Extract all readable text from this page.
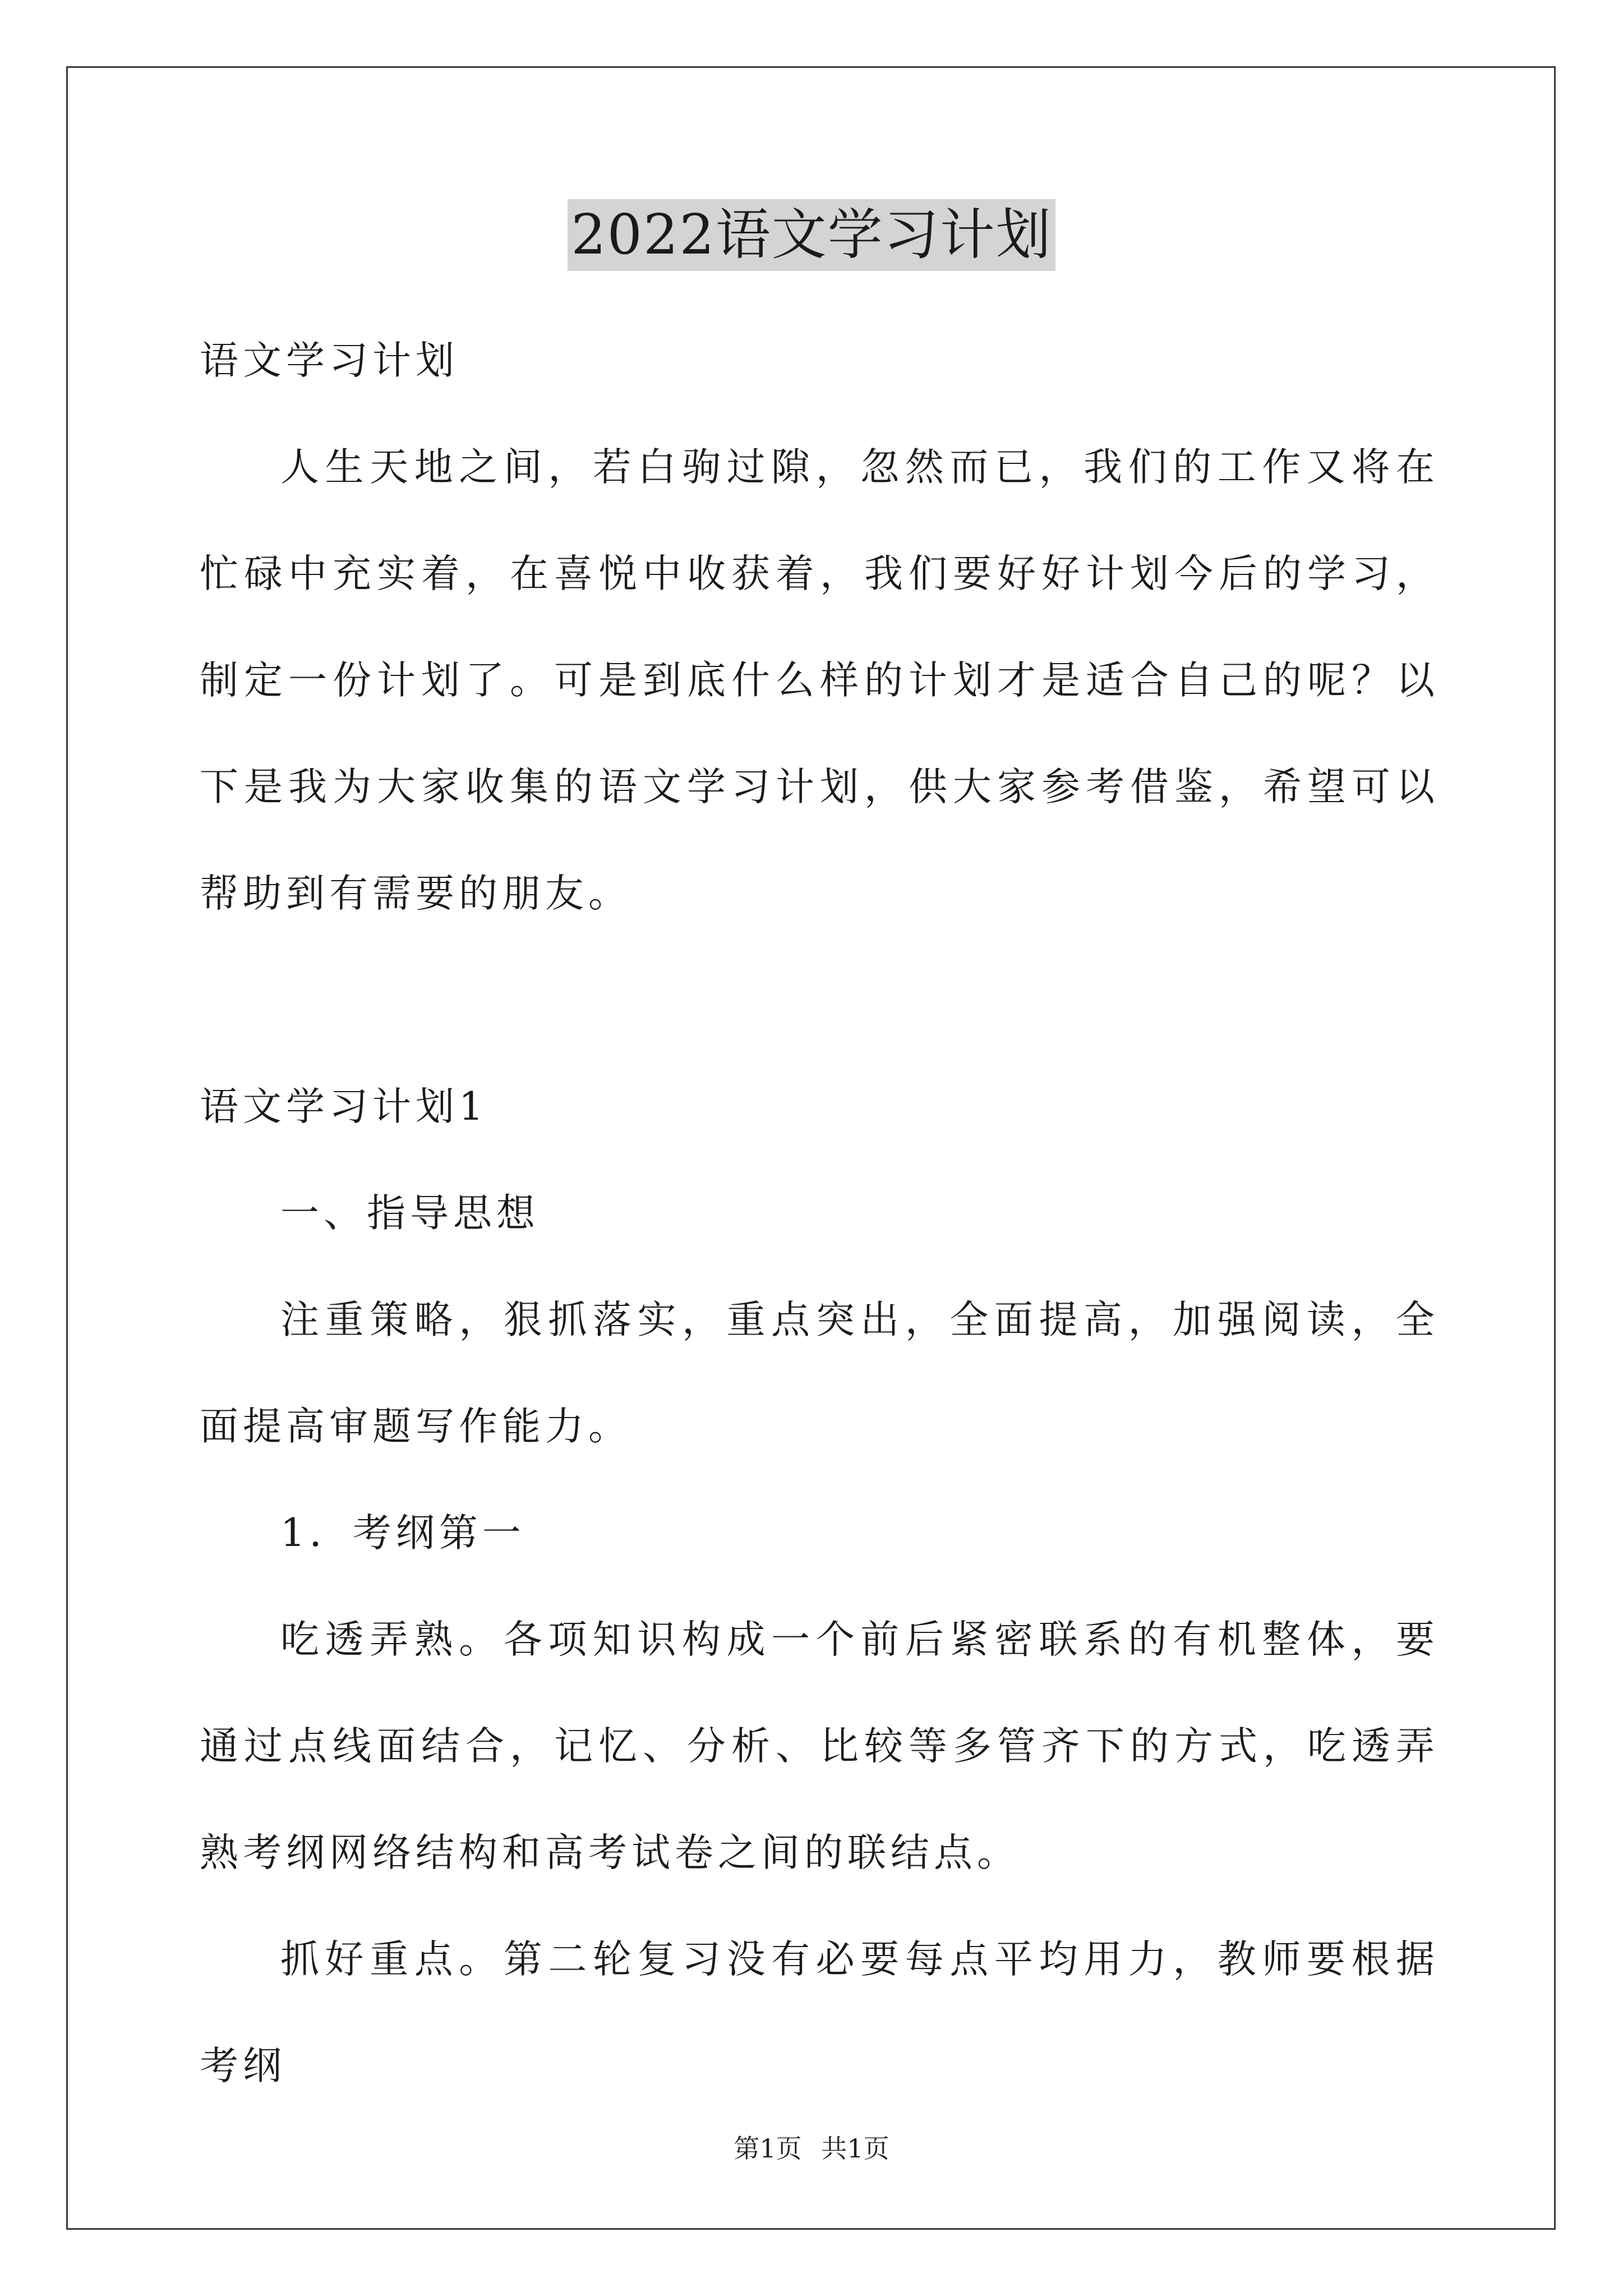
2022语文学习计划

语文学习计划

人生天地之间，若白驹过隙，忽然而已，我们的工作又将在忙碌中充实着，在喜悦中收获着，我们要好好计划今后的学习，制定一份计划了。可是到底什么样的计划才是适合自己的呢？以下是我为大家收集的语文学习计划，供大家参考借鉴，希望可以帮助到有需要的朋友。

语文学习计划1

一、指导思想

注重策略，狠抓落实，重点突出，全面提高，加强阅读，全面提高审题写作能力。

1．考纲第一

吃透弄熟。各项知识构成一个前后紧密联系的有机整体，要通过点线面结合，记忆、分析、比较等多管齐下的方式，吃透弄熟考纲网络结构和高考试卷之间的联结点。

抓好重点。第二轮复习没有必要每点平均用力，教师要根据考纲

第1页 共1页
